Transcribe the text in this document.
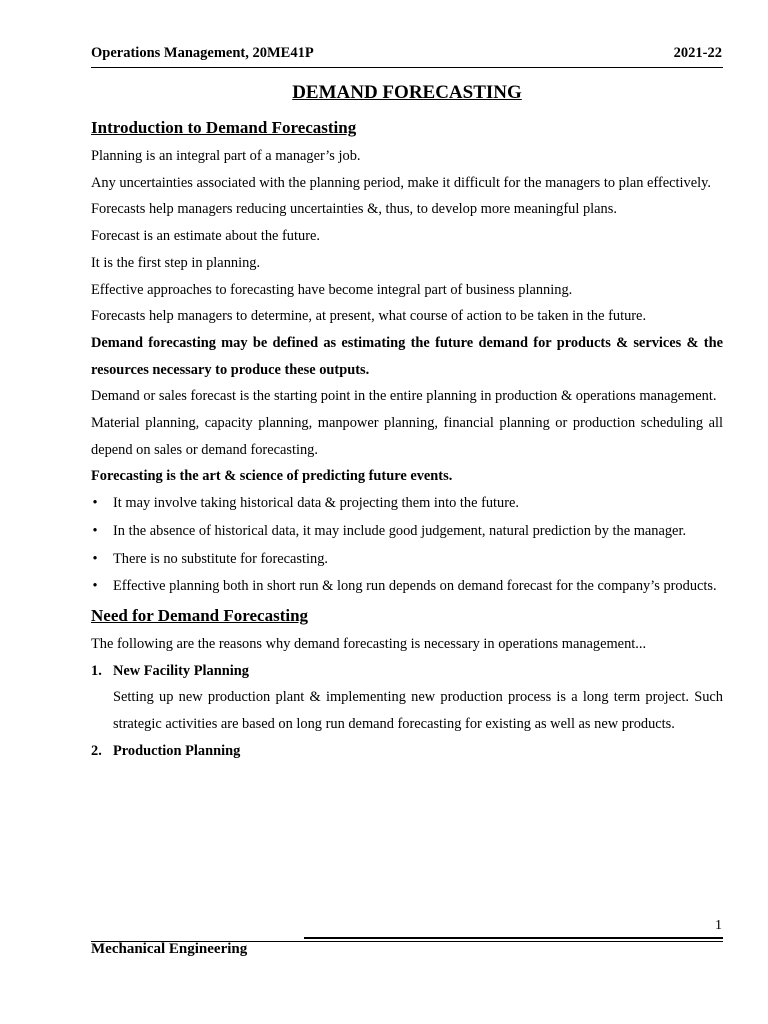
Operations Management, 20ME41P	2021-22
DEMAND FORECASTING
Introduction to Demand Forecasting

Planning is an integral part of a manager’s job.

Any uncertainties associated with the planning period, make it difficult for the managers to plan effectively.

Forecasts help managers reducing uncertainties &, thus, to develop more meaningful plans.

Forecast is an estimate about the future.

It is the first step in planning.

Effective approaches to forecasting have become integral part of business planning.

Forecasts help managers to determine, at present, what course of action to be taken in the future.

Demand forecasting may be defined as estimating the future demand for products & services & the resources necessary to produce these outputs.

Demand or sales forecast is the starting point in the entire planning in production & operations management.

Material planning, capacity planning, manpower planning, financial planning or production scheduling all depend on sales or demand forecasting.

Forecasting is the art & science of predicting future events.

• It may involve taking historical data & projecting them into the future.
• In the absence of historical data, it may include good judgement, natural prediction by the manager.
• There is no substitute for forecasting.
• Effective planning both in short run & long run depends on demand forecast for the company’s products.
Need for Demand Forecasting

The following are the reasons why demand forecasting is necessary in operations management...

1. New Facility Planning
Setting up new production plant & implementing new production process is a long term project. Such strategic activities are based on long run demand forecasting for existing as well as new products.
2. Production Planning
1
Mechanical Engineering
